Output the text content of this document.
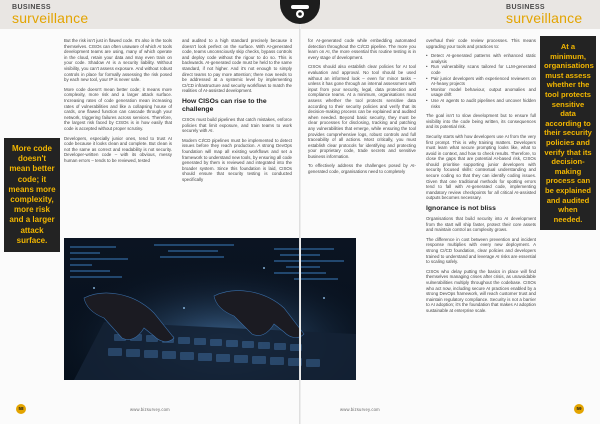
BUSINESS
surveillance
More code doesn't mean better code; it means more complexity, more risk and a larger attack surface.

But the risk isn't just in flawed code. It's also in the tools themselves. CISOs can often unaware of which AI tools development teams are using, many of which operate in the cloud, retain your data and may even train on your code. Shadow AI is a security liability. Without visibility, you can't assess exposure. And without robust controls in place for formally assessing the risk posed by each new tool, your IP is never safe.

More code doesn't mean better code; it means more complexity, more risk and a larger attack surface. Increasing rates of code generation mean increasing rates of vulnerabilities and like a collapsing house of cards, one flawed function can cascade through your network, triggering failures across services. Therefore, the largest risk faced by CISOs is in how easily that code is accepted without proper scrutiny.

Developers, especially junior ones, tend to trust AI code because it looks clean and complete. But clean is not the same as correct and readability is not security. Developer-written code – with its obvious, messy human errors – tends to be reviewed, tested

and audited to a high standard precisely because it doesn't look perfect on the surface. With AI-generated code, teams unconsciously skip checks, bypass controls and deploy code without the rigour to do so. This is backwards. AI-generated code must be held to the same standard, if not higher. And it's not enough to simply direct teams to pay more attention; there now needs to be addressed at a systemic level by implementing CI/CD infrastructure and security workflows to match the realities of AI-assisted development.

How CISOs can rise to the challenge

CISOs must build pipelines that catch mistakes, enforce policies that limit exposure, and train teams to work securely with AI.

Modern CI/CD pipelines must be implemented to detect issues before they reach production. A strong DevOps foundation will map all existing workflows and set a framework to understand new tools, by ensuring all code generated by them is reviewed and integrated into the broader system. Since this foundation is laid, CISOs should ensure that security testing is conducted specifically

58	www.bizsurvey.com
BUSINESS
surveillance

for AI-generated code while embedding automated detection throughout the CI/CD pipeline. The more you learn on AI, the more essential this routine testing is in every stage of development.

CISOs should also establish clear policies for AI tool evaluation and approval. No tool should be used without an informed look – even for minor tasks – unless it has gone through an internal assessment with input from your security, legal, data protection and compliance teams. At a minimum, organisations must assess whether the tool protects sensitive data according to their security policies and verify that its decision-making process can be explained and audited when needed. Beyond basic security, they must be clear processes for disclosing, tracking and patching any vulnerabilities that emerge, while ensuring the tool provides comprehensive logs, robust controls and full traceability of all actions. Most critically, you must establish clear protocols for identifying and protecting your proprietary code, trade secrets and sensitive business information.

To effectively address the challenges posed by AI-generated code, organisations need to completely

overhaul their code review processes. This means upgrading your tools and practices to:

• Detect AI-generated patterns with enhanced static analysis
• Run vulnerability scans tailored for LLM-generated code
• Pair junior developers with experienced reviewers on AI-heavy projects
• Monitor model behaviour, output anomalies and usage drift
• Use AI agents to audit pipelines and uncover hidden risks

The goal isn't to slow development but to ensure full visibility into the code being written, its consequences and its potential risk.

Security starts with how developers use AI from the very first prompt. This is why training matters. Developers must learn what secure prompting looks like, what to avoid in context, and how to check results. Therefore, to close the gaps that are potential AI-based risk, CISOs should prioritise supporting junior developers with security focused skills: contextual understanding and secure coding so that they can identify coding issues. Given that one traditional methods for spotting errors tend to fall with AI-generated code, implementing mandatory review checkpoints for all critical AI-assisted outputs becomes necessary.

Ignorance is not bliss

Organisations that build security into AI development from the start will ship faster, protect their core assets and maintain control as complexity grows.

The difference in cost between prevention and incident response multiplies with every new deployment. A strong CI/CD foundation, clear policies and developers trained to understand and leverage AI risks are essential to scaling safely.

CISOs who delay putting the basics in place will find themselves managing crises after crisis, as unavoidable vulnerabilities multiply throughout the codebase. CISOs who act now, including secure AI practices enabled by a strong DevOps framework, will reach customer trust and maintain regulatory compliance. Security is not a barrier to AI adoption; it's the foundation that makes AI adoption sustainable at enterprise scale.

At a minimum, organisations must assess whether the tool protects sensitive data according to their security policies and verify that its decision-making process can be explained and audited when needed.
59
www.bizsurvey.com
